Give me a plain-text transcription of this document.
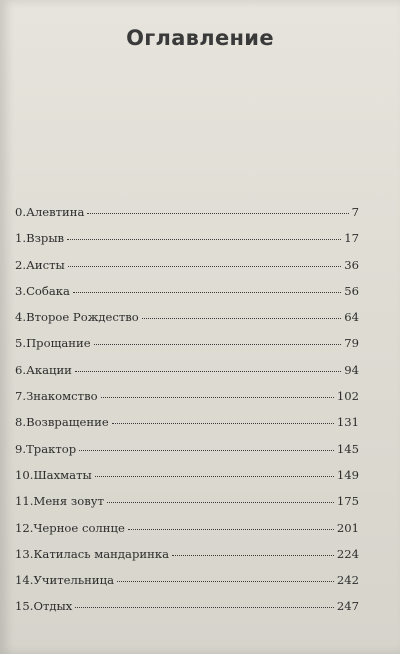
Оглавление
0. Алевтина	7
1. Взрыв	17
2. Аисты	36
3. Собака	56
4. Второе Рождество	64
5. Прощание	79
6. Акации	94
7. Знакомство	102
8. Возвращение	131
9. Трактор	145
10. Шахматы	149
11. Меня зовут	175
12. Черное солнце	201
13. Катилась мандаринка	224
14. Учительница	242
15. Отдых	247
